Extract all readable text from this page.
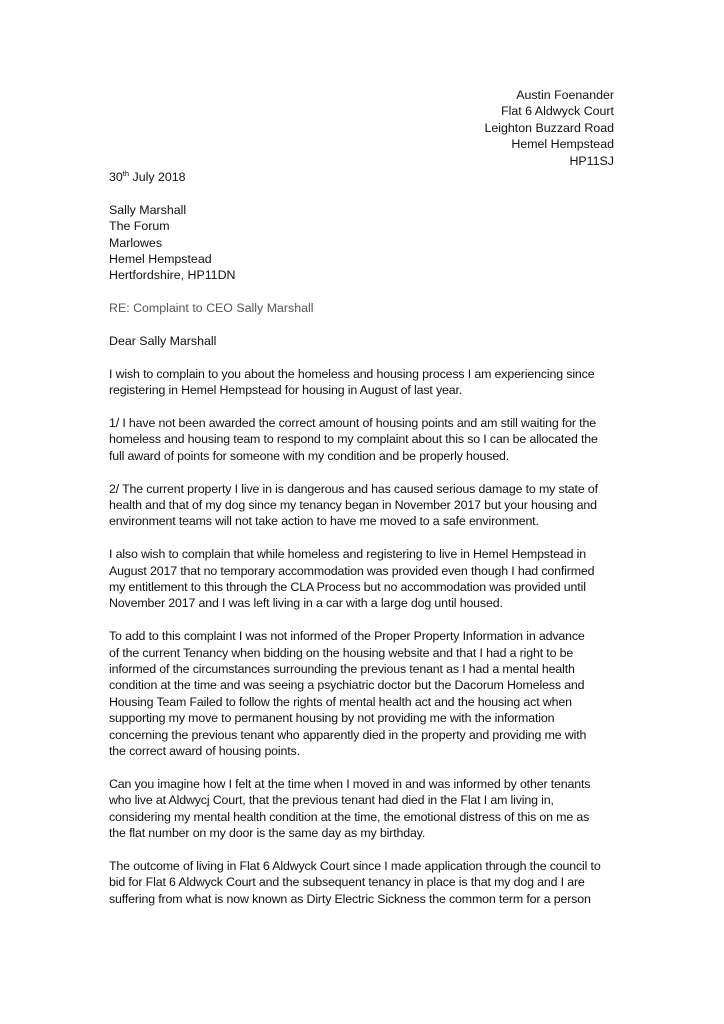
Austin Foenander
Flat 6 Aldwyck Court
Leighton Buzzard Road
Hemel Hempstead
HP11SJ
30th July 2018
Sally Marshall
The Forum
Marlowes
Hemel Hempstead
Hertfordshire, HP11DN
RE: Complaint to CEO Sally Marshall
Dear Sally Marshall
I wish to complain to you about the homeless and housing process I am experiencing since
registering in Hemel Hempstead for housing in August of last year.
1/ I have not been awarded the correct amount of housing points and am still waiting for the
homeless and housing team to respond to my complaint about this so I can be allocated the
full award of points for someone with my condition and be properly housed.
2/ The current property I live in is dangerous and has caused serious damage to my state of
health and that of my dog since my tenancy began in November 2017 but your housing and
environment teams will not take action to have me moved to a safe environment.
I also wish to complain that while homeless and registering to live in Hemel Hempstead in
August 2017 that no temporary accommodation was provided even though I had confirmed
my entitlement to this through the CLA Process but no accommodation was provided until
November 2017 and I was left living in a car with a large dog until housed.
To add to this complaint I was not informed of the Proper Property Information in advance
of the current Tenancy when bidding on the housing website and that I had a right to be
informed of the circumstances surrounding the previous tenant as I had a mental health
condition at the time and was seeing a psychiatric doctor but the Dacorum Homeless and
Housing Team Failed to follow the rights of mental health act and the housing act when
supporting my move to permanent housing by not providing me with the information
concerning the previous tenant who apparently died in the property and providing me with
the correct award of housing points.
Can you imagine how I felt at the time when I moved in and was informed by other tenants
who live at Aldwycj Court, that the previous tenant had died in the Flat I am living in,
considering my mental health condition at the time, the emotional distress of this on me as
the flat number on my door is the same day as my birthday.
The outcome of living in Flat 6 Aldwyck Court since I made application through the council to
bid for Flat 6 Aldwyck Court and the subsequent tenancy in place is that my dog and I are
suffering from what is now known as Dirty Electric Sickness the common term for a person
